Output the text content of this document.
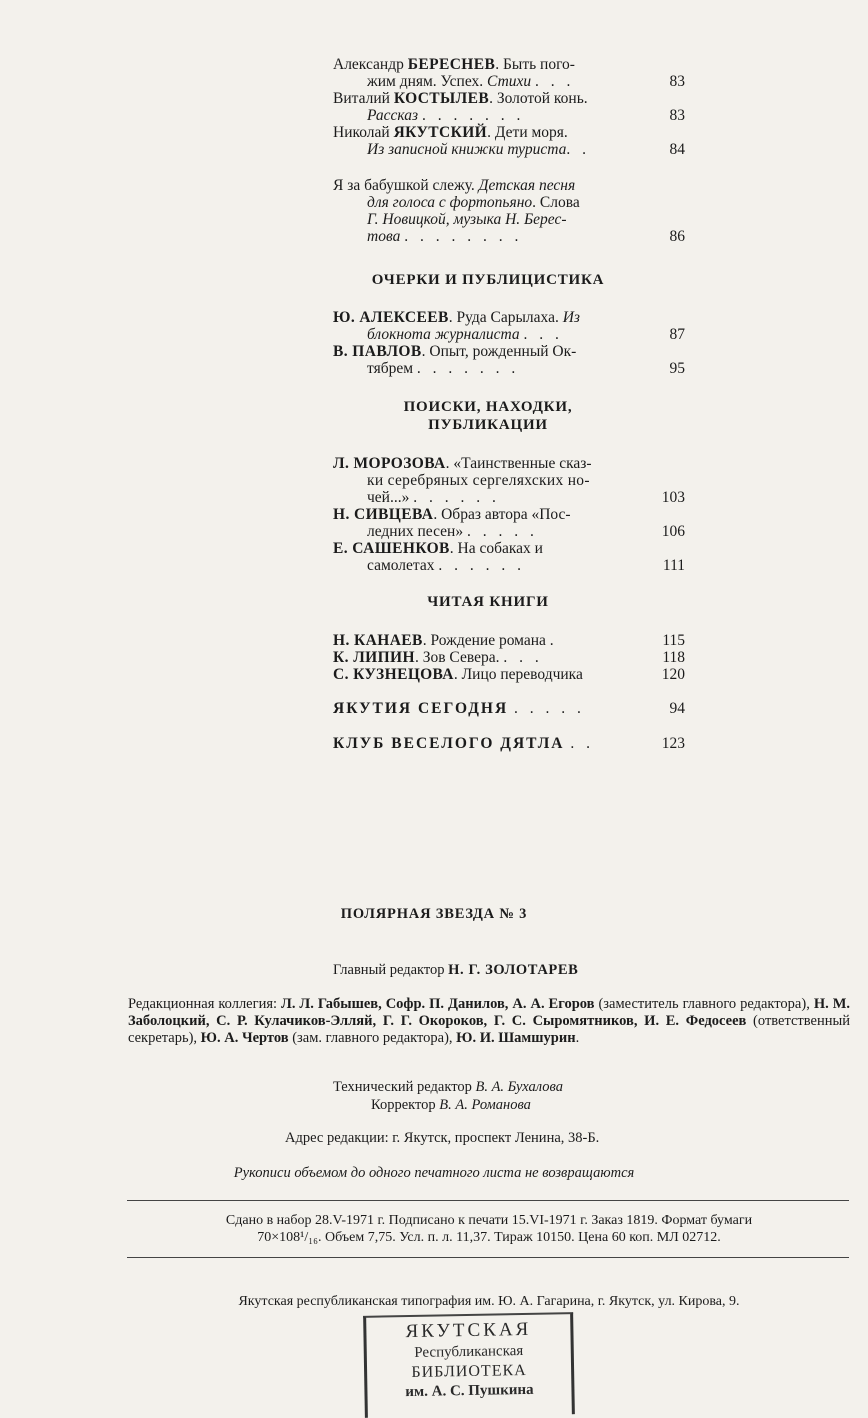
Александр БЕРЕСНЕВ. Быть пого-
жим дням. Успех. Стихи . . .	83
Виталий КОСТЫЛЕВ. Золотой конь.
Рассказ . . . . . . .	83
Николай ЯКУТСКИЙ. Дети моря.
Из записной книжки туриста. .	84
Я за бабушкой слежу. Детская песня
для голоса с фортопьяно. Слова
Г. Новицкой, музыка Н. Берес-
това . . . . . . . .	86
ОЧЕРКИ И ПУБЛИЦИСТИКА
Ю. АЛЕКСЕЕВ. Руда Сарылаха. Из
блокнота журналиста . . .	87
В. ПАВЛОВ. Опыт, рожденный Ок-
тябрем . . . . . . .	95
ПОИСКИ, НАХОДКИ,
ПУБЛИКАЦИИ
Л. МОРОЗОВА. «Таинственные сказ-
ки серебряных сергеляхских но-
чей...» . . . . . .	103
Н. СИВЦЕВА. Образ автора «Пос-
ледних песен» . . . . .	106
Е. САШЕНКОВ. На собаках и
самолетах . . . . . .	111
ЧИТАЯ КНИГИ
Н. КАНАЕВ. Рождение романа .	115
К. ЛИПИН. Зов Севера. . . .	118
С. КУЗНЕЦОВА. Лицо переводчика	120
ЯКУТИЯ СЕГОДНЯ . . . . .	94
КЛУБ ВЕСЕЛОГО ДЯТЛА . .	123
ПОЛЯРНАЯ ЗВЕЗДА № 3
Главный редактор Н. Г. ЗОЛОТАРЕВ
Редакционная коллегия: Л. Л. Габышев, Софр. П. Данилов, А. А. Егоров (заместитель главного редактора), Н. М. Заболоцкий, С. Р. Кулачиков-Элляй, Г. Г. Окороков, Г. С. Сыромятников, И. Е. Федосеев (ответственный секретарь), Ю. А. Чертов (зам. главного редактора), Ю. И. Шамшурин.
Технический редактор В. А. Бухалова
Корректор В. А. Романова
Адрес редакции: г. Якутск, проспект Ленина, 38-Б.
Рукописи объемом до одного печатного листа не возвращаются
Сдано в набор 28.V-1971 г. Подписано к печати 15.VI-1971 г. Заказ 1819. Формат бумаги
70×108¹/₁₆. Объем 7,75. Усл. п. л. 11,37. Тираж 10150. Цена 60 коп. МЛ 02712.
Якутская республиканская типография им. Ю. А. Гагарина, г. Якутск, ул. Кирова, 9.
ЯКУТСКАЯ
Республиканская
БИБЛИОТЕКА
им. А. С. Пушкина
